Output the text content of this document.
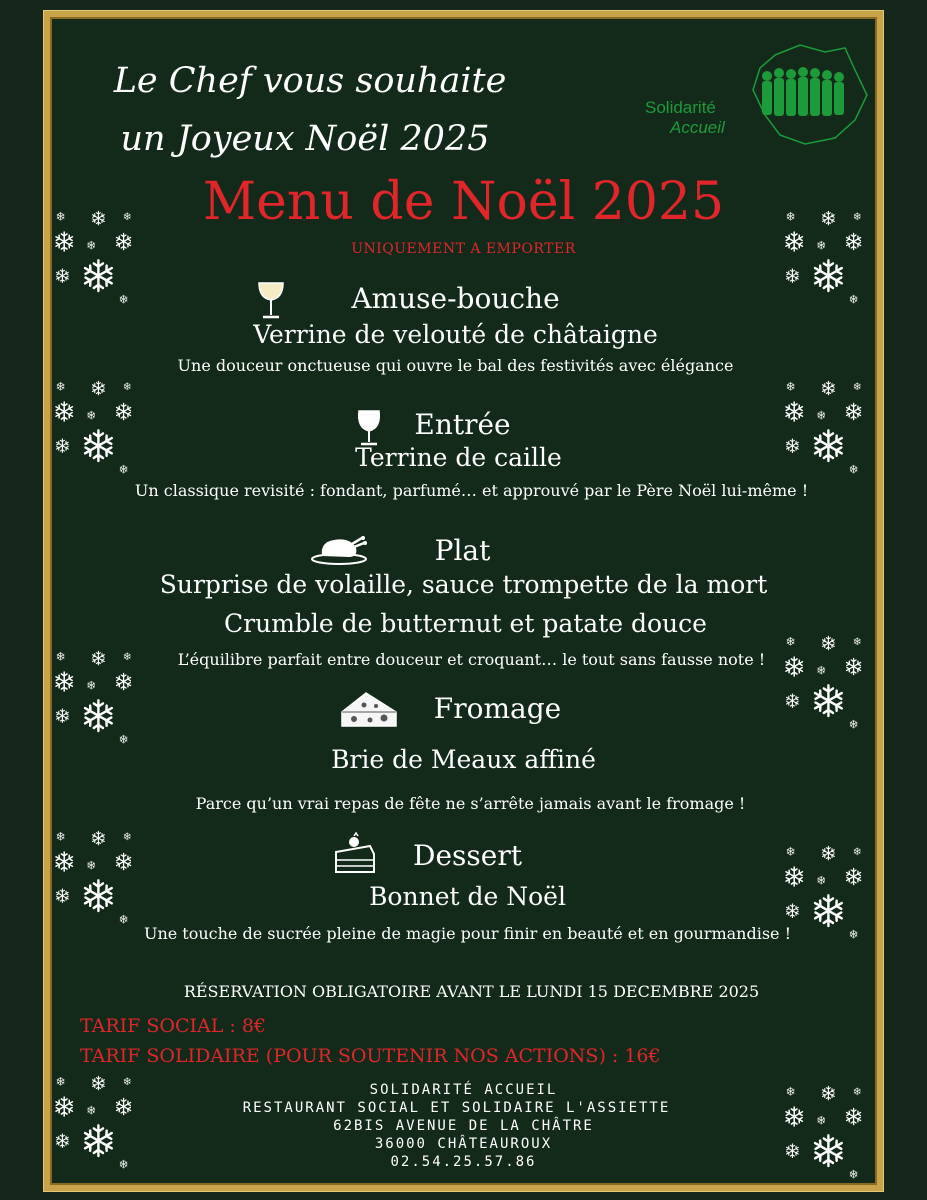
Le Chef vous souhaite
un Joyeux Noël 2025
Solidarité
Accueil
Menu de Noël 2025
UNIQUEMENT A EMPORTER
Amuse-bouche
Verrine de velouté de châtaigne
Une douceur onctueuse qui ouvre le bal des festivités avec élégance
Entrée
Terrine de caille
Un classique revisité : fondant, parfumé… et approuvé par le Père Noël lui-même !
Plat
Surprise de volaille, sauce trompette de la mort
Crumble de butternut et patate douce
L’équilibre parfait entre douceur et croquant… le tout sans fausse note !
Fromage
Brie de Meaux affiné
Parce qu’un vrai repas de fête ne s’arrête jamais avant le fromage !
Dessert
Bonnet de Noël
Une touche de sucrée pleine de magie pour finir en beauté et en gourmandise !
RÉSERVATION OBLIGATOIRE AVANT LE LUNDI 15 DECEMBRE 2025
TARIF SOCIAL : 8€
TARIF SOLIDAIRE (POUR SOUTENIR NOS ACTIONS) : 16€
SOLIDARITÉ ACCUEIL
RESTAURANT SOCIAL ET SOLIDAIRE L'ASSIETTE
62BIS AVENUE DE LA CHÂTRE
36000 CHÂTEAUROUX
02.54.25.57.86
